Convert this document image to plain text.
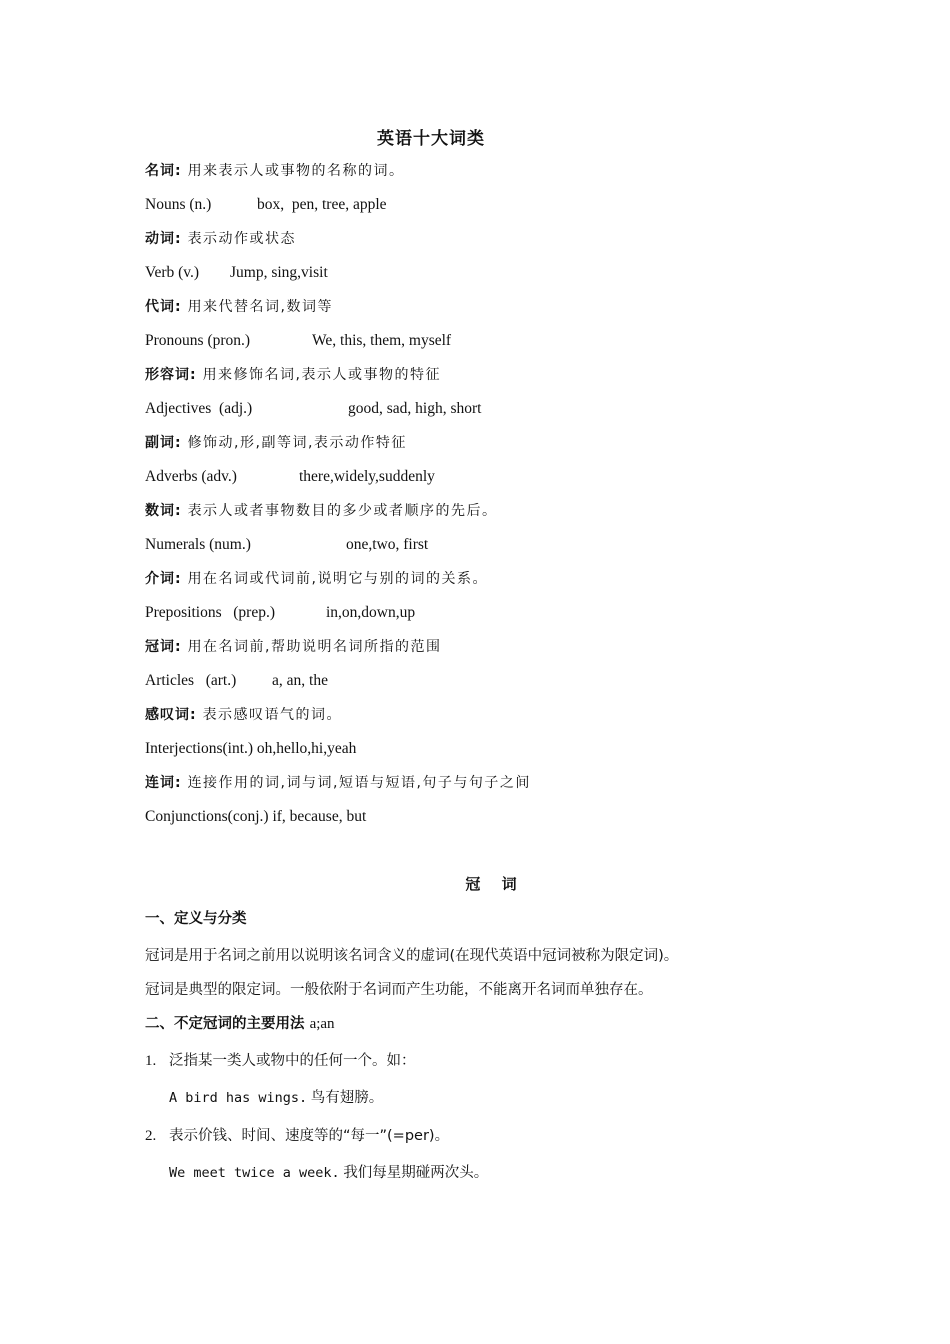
英语十大词类
名词: 用来表示人或事物的名称的词。
Nouns (n.)	box,  pen, tree, apple
动词: 表示动作或状态
Verb (v.) Jump, sing,visit
代词: 用来代替名词,数词等
Pronouns (pron.)	We, this, them, myself
形容词: 用来修饰名词,表示人或事物的特征
Adjectives  (adj.)	good, sad, high, short
副词: 修饰动,形,副等词,表示动作特征
Adverbs (adv.)	there,widely,suddenly
数词: 表示人或者事物数目的多少或者顺序的先后。
Numerals (num.)	one,two, first
介词: 用在名词或代词前,说明它与别的词的关系。
Prepositions   (prep.)	in,on,down,up
冠词: 用在名词前,帮助说明名词所指的范围
Articles   (art.) a, an, the
感叹词: 表示感叹语气的词。
Interjections(int.) oh,hello,hi,yeah
连词: 连接作用的词,词与词,短语与短语,句子与句子之间
Conjunctions(conj.) if, because, but
冠 词
一、定义与分类
冠词是用于名词之前用以说明该名词含义的虚词(在现代英语中冠词被称为限定词)。
冠词是典型的限定词。一般依附于名词而产生功能，不能离开名词而单独存在。
二、不定冠词的主要用法 a;an
1. 泛指某一类人或物中的任何一个。如：
A bird has wings. 鸟有翅膀。
2. 表示价钱、时间、速度等的“每一”(=per)。
We meet twice a week. 我们每星期碰两次头。
